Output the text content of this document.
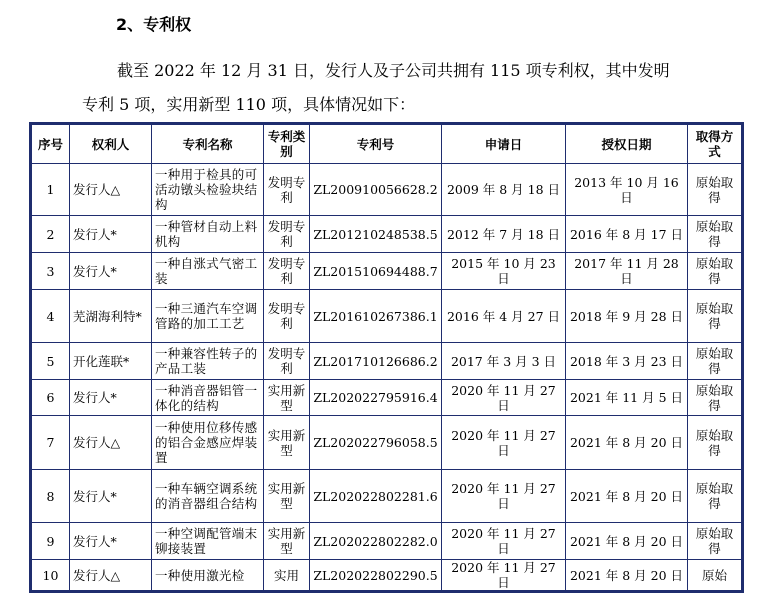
2、专利权
截至 2022 年 12 月 31 日，发行人及子公司共拥有 115 项专利权，其中发明
专利 5 项，实用新型 110 项，具体情况如下：
序号	权利人	专利名称	专利类别	专利号	申请日	授权日期	取得方式
1	发行人△	一种用于检具的可活动镦头检验块结构	发明专利	ZL200910056628.2	2009 年 8 月 18 日	2013 年 10 月 16 日	原始取得
2	发行人*	一种管材自动上料机构	发明专利	ZL201210248538.5	2012 年 7 月 18 日	2016 年 8 月 17 日	原始取得
3	发行人*	一种自涨式气密工装	发明专利	ZL201510694488.7	2015 年 10 月 23 日	2017 年 11 月 28 日	原始取得
4	芜湖海利特*	一种三通汽车空调管路的加工工艺	发明专利	ZL201610267386.1	2016 年 4 月 27 日	2018 年 9 月 28 日	原始取得
5	开化莲联*	一种兼容性转子的产品工装	发明专利	ZL201710126686.2	2017 年 3 月 3 日	2018 年 3 月 23 日	原始取得
6	发行人*	一种消音器铝管一体化的结构	实用新型	ZL202022795916.4	2020 年 11 月 27 日	2021 年 11 月 5 日	原始取得
7	发行人△	一种使用位移传感的铝合金感应焊装置	实用新型	ZL202022796058.5	2020 年 11 月 27 日	2021 年 8 月 20 日	原始取得
8	发行人*	一种车辆空调系统的消音器组合结构	实用新型	ZL202022802281.6	2020 年 11 月 27 日	2021 年 8 月 20 日	原始取得
9	发行人*	一种空调配管端末铆接装置	实用新型	ZL202022802282.0	2020 年 11 月 27 日	2021 年 8 月 20 日	原始取得
10	发行人△	一种使用激光检	实用	ZL202022802290.5	2020 年 11 月 27 日	2021 年 8 月 20 日	原始
